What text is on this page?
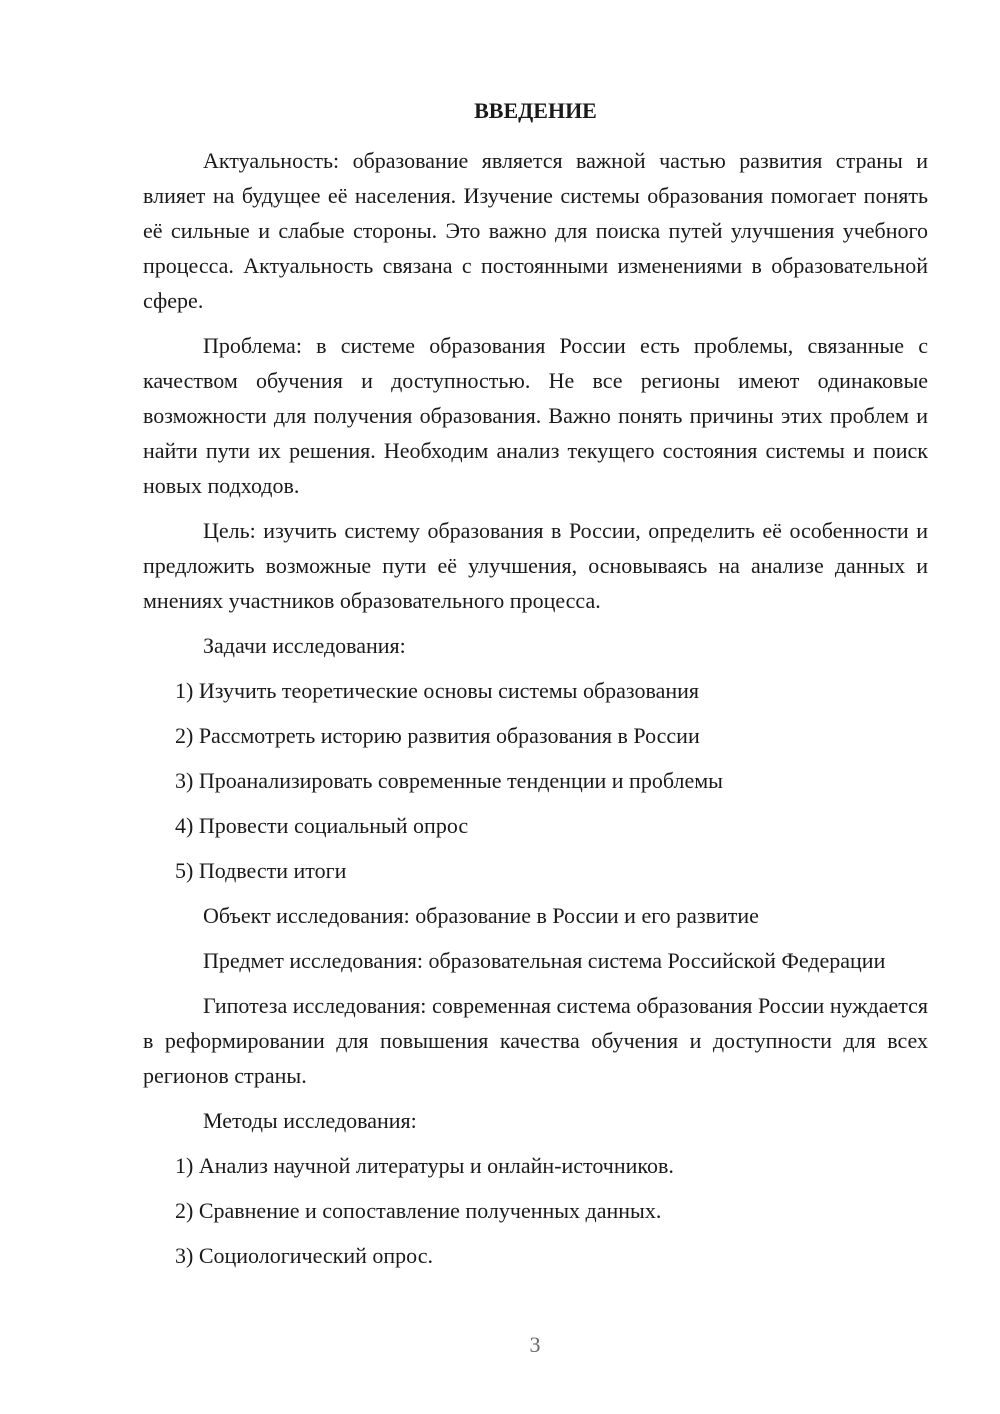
ВВЕДЕНИЕ

Актуальность: образование является важной частью развития страны и влияет на будущее её населения. Изучение системы образования помогает понять её сильные и слабые стороны. Это важно для поиска путей улучшения учебного процесса. Актуальность связана с постоянными изменениями в образовательной сфере.

Проблема: в системе образования России есть проблемы, связанные с качеством обучения и доступностью. Не все регионы имеют одинаковые возможности для получения образования. Важно понять причины этих проблем и найти пути их решения. Необходим анализ текущего состояния системы и поиск новых подходов.

Цель: изучить систему образования в России, определить её особенности и предложить возможные пути её улучшения, основываясь на анализе данных и мнениях участников образовательного процесса.

Задачи исследования:
1) Изучить теоретические основы системы образования
2) Рассмотреть историю развития образования в России
3) Проанализировать современные тенденции и проблемы
4) Провести социальный опрос
5) Подвести итоги
Объект исследования: образование в России и его развитие

Предмет исследования: образовательная система Российской Федерации

Гипотеза исследования: современная система образования России нуждается в реформировании для повышения качества обучения и доступности для всех регионов страны.

Методы исследования:
1) Анализ научной литературы и онлайн-источников.
2) Сравнение и сопоставление полученных данных.
3) Социологический опрос.
3
